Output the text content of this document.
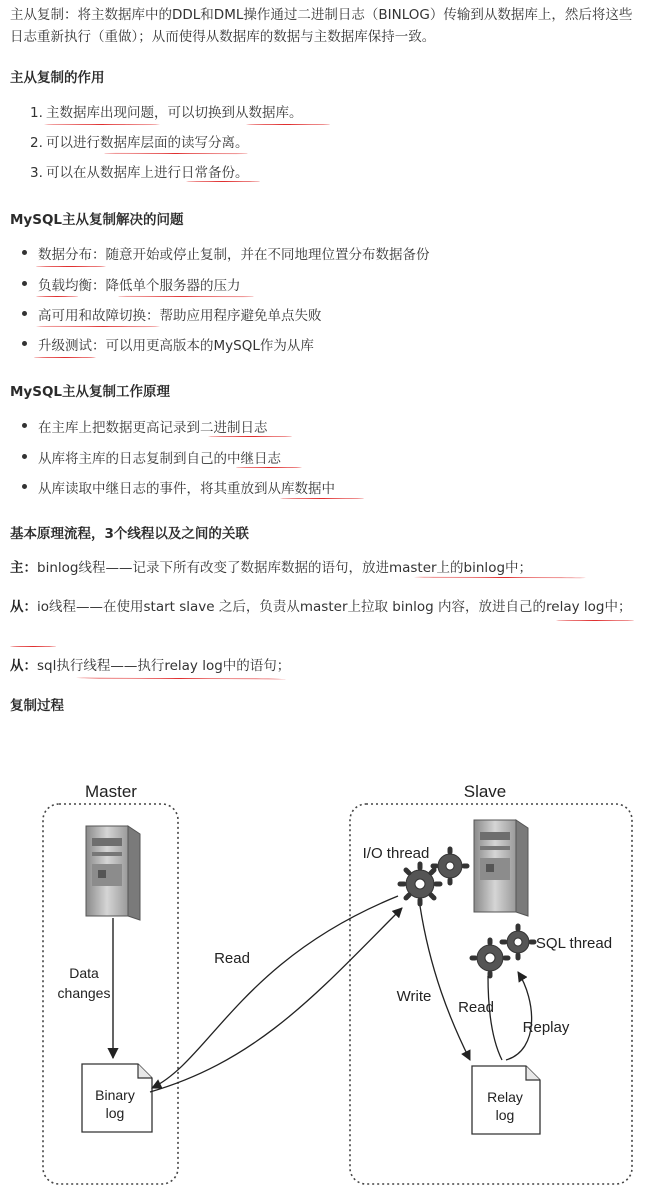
主从复制：将主数据库中的DDL和DML操作通过二进制日志（BINLOG）传输到从数据库上，然后将这些日志重新执行（重做）；从而使得从数据库的数据与主数据库保持一致。
主从复制的作用
1. 主数据库出现问题，可以切换到从数据库。
2. 可以进行数据库层面的读写分离。
3. 可以在从数据库上进行日常备份。
MySQL主从复制解决的问题
数据分布：随意开始或停止复制，并在不同地理位置分布数据备份
负载均衡：降低单个服务器的压力
高可用和故障切换：帮助应用程序避免单点失败
升级测试：可以用更高版本的MySQL作为从库
MySQL主从复制工作原理
在主库上把数据更高记录到二进制日志
从库将主库的日志复制到自己的中继日志
从库读取中继日志的事件，将其重放到从库数据中
基本原理流程，3个线程以及之间的关联
主：binlog线程——记录下所有改变了数据库数据的语句，放进master上的binlog中；
从：io线程——在使用start slave 之后，负责从master上拉取 binlog 内容，放进自己的relay log中；
从：sql执行线程——执行relay log中的语句；
复制过程
Master	Slave
Data
changes
Binary
log
Read
I/O thread
Write
SQL thread
Read
Replay
Relay
log
